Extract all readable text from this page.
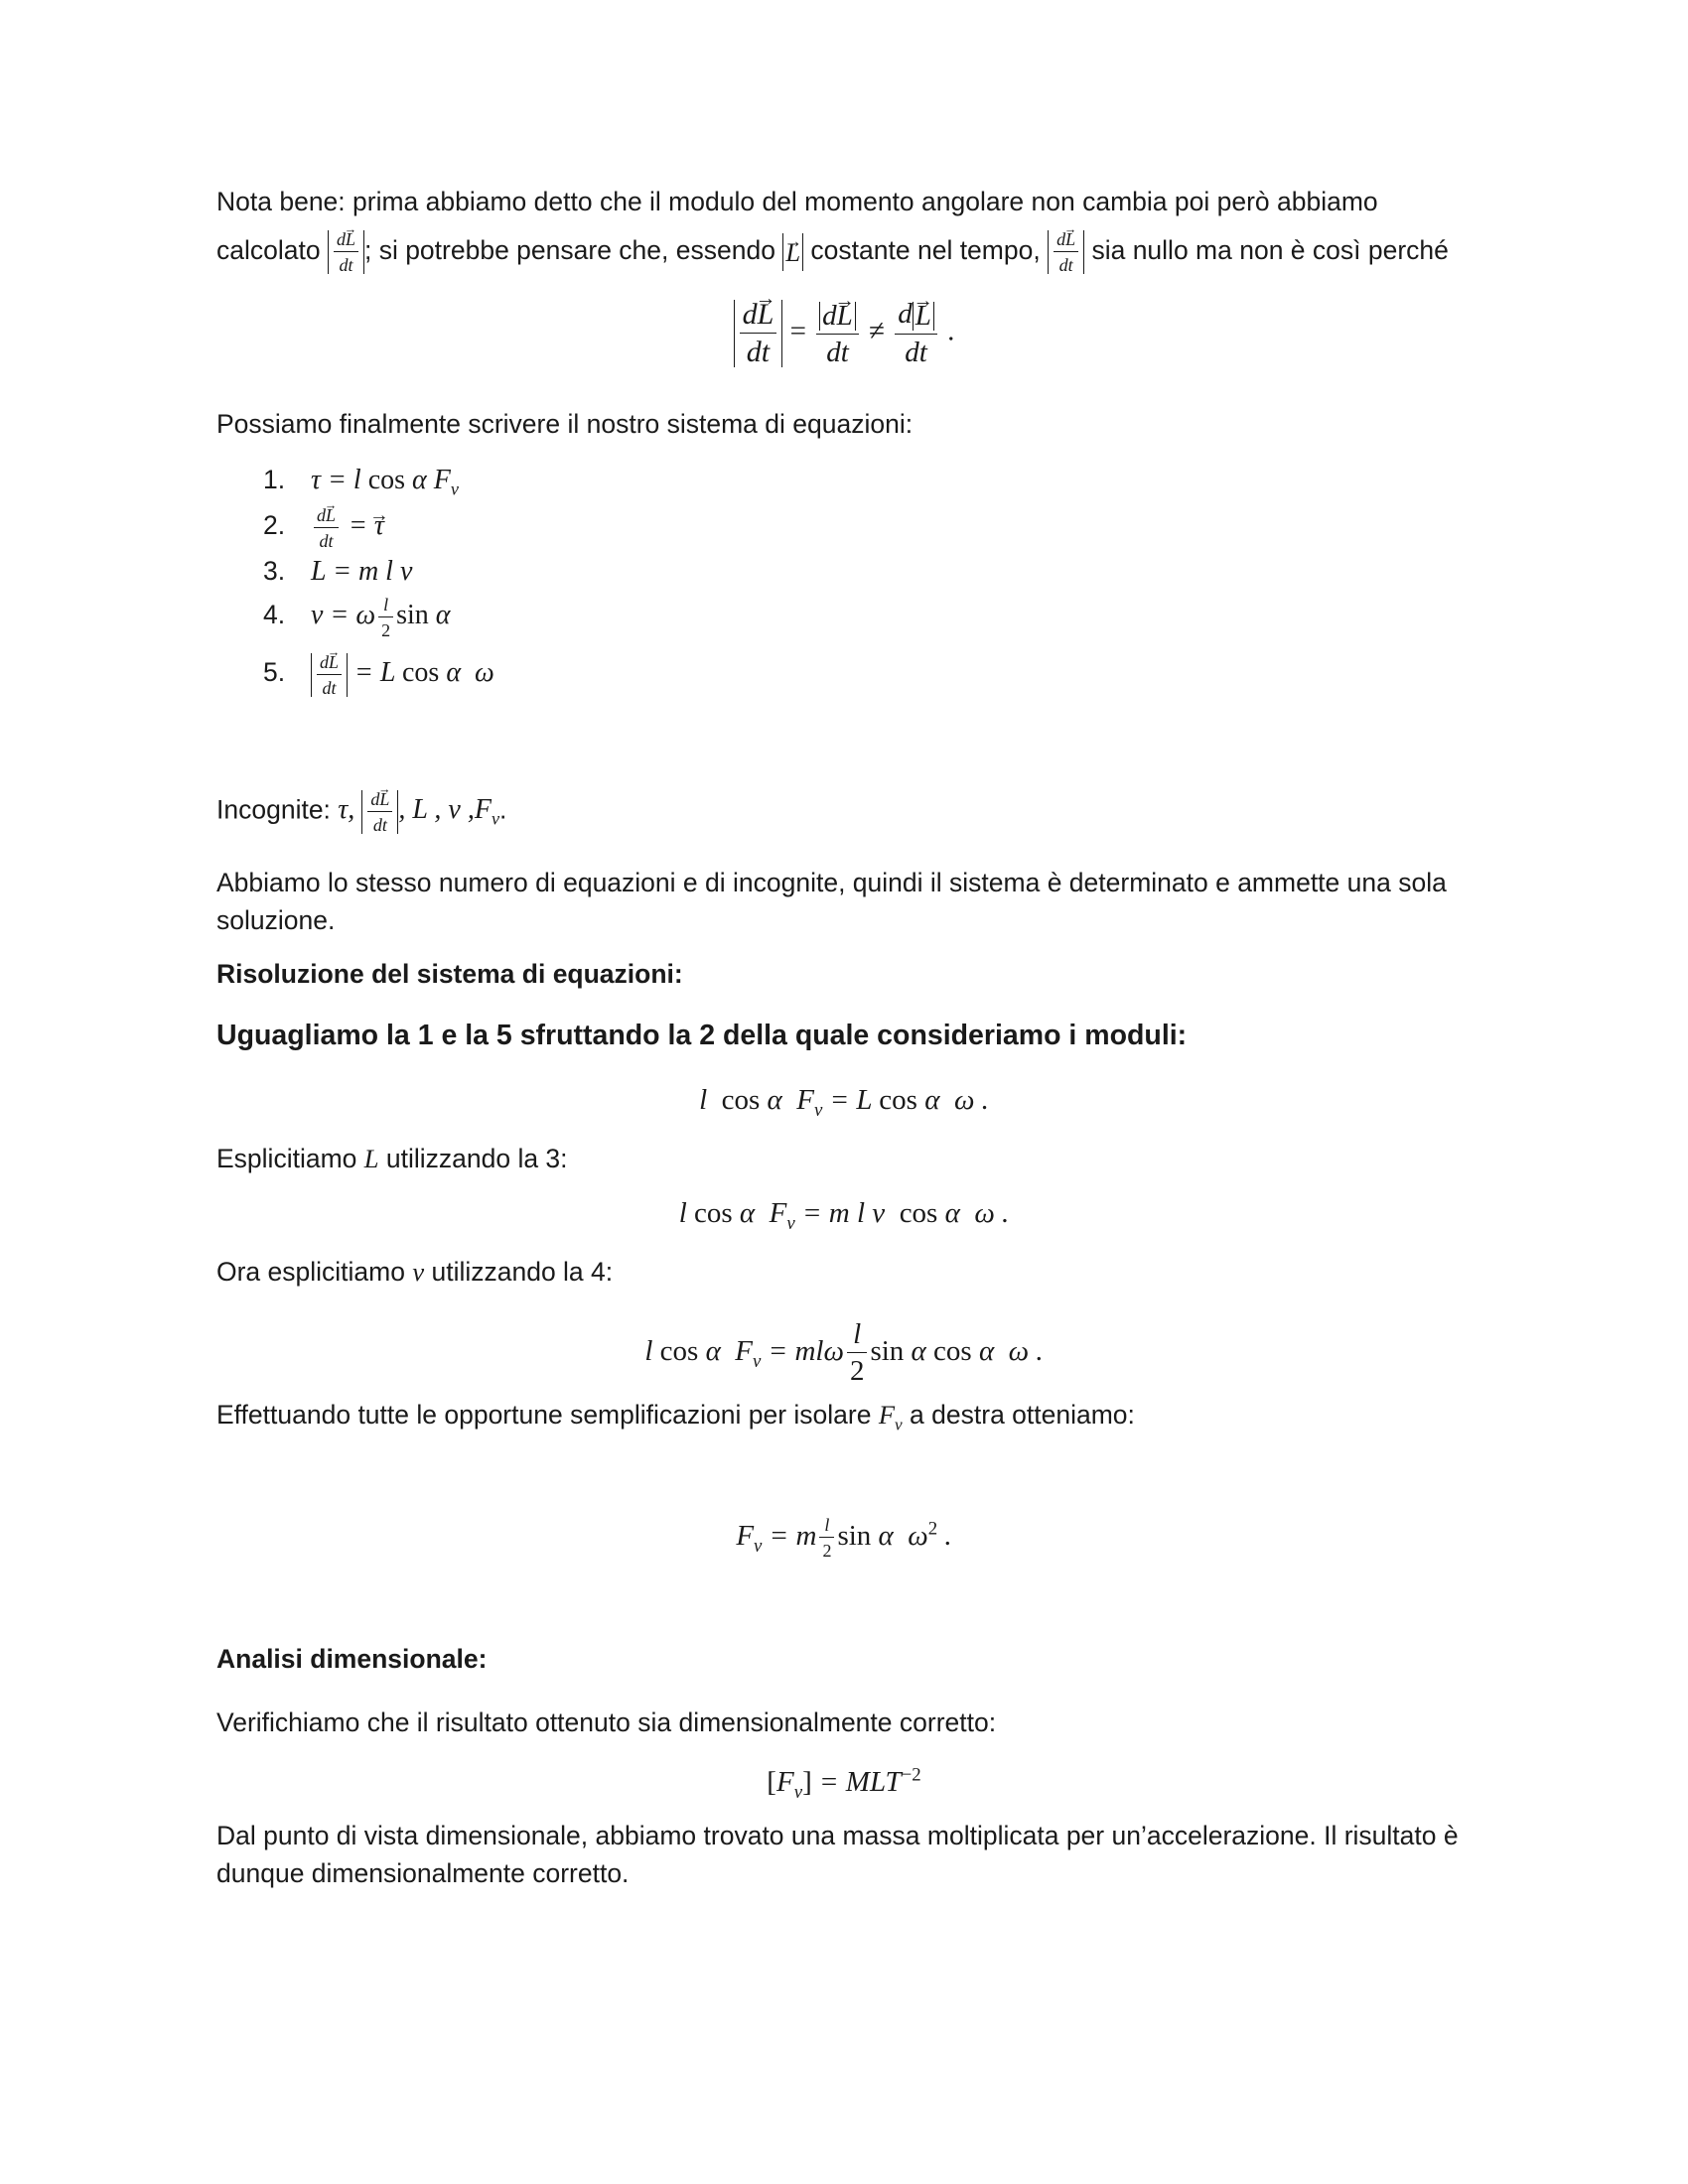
Nota bene: prima abbiamo detto che il modulo del momento angolare non cambia poi però abbiamo

calcolato $\frac{d\to L}{dt}$ ; si potrebbe pensare che, essendo → L costante nel tempo, $\frac{d\to L}{dt}$ sia nullo ma non è così perché

$\frac{d\to L}{dt} = \frac{d\to L}{dt} \ne \frac{d\to L}{dt}$ .

Possiamo finalmente scrivere il nostro sistema di equazioni:

1. τ = l cos α $F_v$
2. $\frac{d\to L}{dt}$ = → τ
3. L = m l v
4. v = ω $\frac{l}{2}$ sin α
5. $\frac{d\to L}{dt} = L$ cos α  ω

Incognite: τ, $\frac{d\to L}{dt}$ , L , v $,F_v$.

Abbiamo lo stesso numero di equazioni e di incognite, quindi il sistema è determinato e ammette una sola soluzione.

Risoluzione del sistema di equazioni:

Uguagliamo la 1 e la 5 sfruttando la 2 della quale consideriamo i moduli:

l  cos α  $F_v = L$ cos α  ω .

Esplicitiamo L utilizzando la 3:

l cos α  $F_v = m$ l v  cos α  ω .

Ora esplicitiamo v utilizzando la 4:

l cos α  $F_v = ml\omega \frac{l}{2}$ sin α cos α  ω .

Effettuando tutte le opportune semplificazioni per isolare $F_v$ a destra otteniamo:

$F_v = m \frac{l}{2}$ sin α  $\omega^2$ .

Analisi dimensionale:

Verifichiamo che il risultato ottenuto sia dimensionalmente corretto:

$[F_v] = MLT^{-2}$

Dal punto di vista dimensionale, abbiamo trovato una massa moltiplicata per un’accelerazione. Il risultato è dunque dimensionalmente corretto.
